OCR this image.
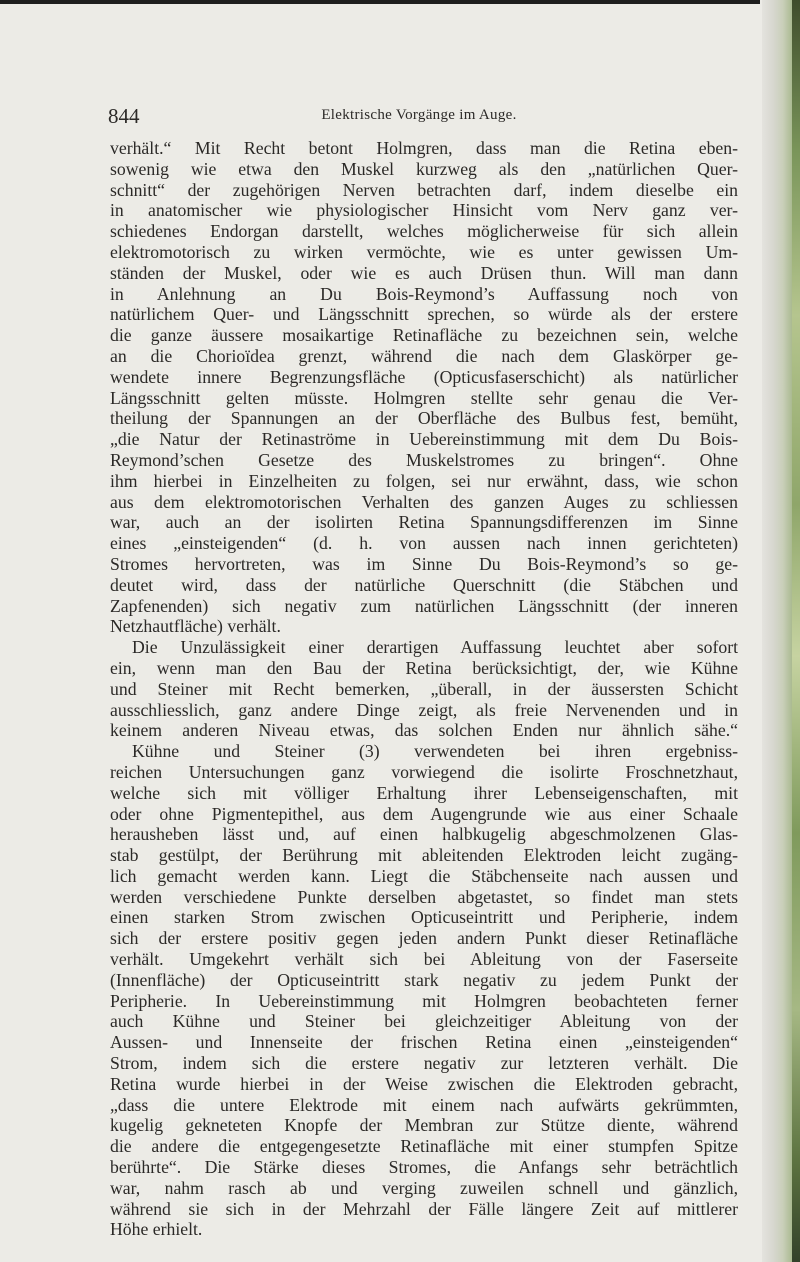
844	Elektrische Vorgänge im Auge.
verhält.“ Mit Recht betont Holmgren, dass man die Retina eben-
sowenig wie etwa den Muskel kurzweg als den „natürlichen Quer-
schnitt“ der zugehörigen Nerven betrachten darf, indem dieselbe ein
in anatomischer wie physiologischer Hinsicht vom Nerv ganz ver-
schiedenes Endorgan darstellt, welches möglicherweise für sich allein
elektromotorisch zu wirken vermöchte, wie es unter gewissen Um-
ständen der Muskel, oder wie es auch Drüsen thun. Will man dann
in Anlehnung an Du Bois-Reymond’s Auffassung noch von
natürlichem Quer- und Längsschnitt sprechen, so würde als der erstere
die ganze äussere mosaikartige Retinafläche zu bezeichnen sein, welche
an die Chorioïdea grenzt, während die nach dem Glaskörper ge-
wendete innere Begrenzungsfläche (Opticusfaserschicht) als natürlicher
Längsschnitt gelten müsste. Holmgren stellte sehr genau die Ver-
theilung der Spannungen an der Oberfläche des Bulbus fest, bemüht,
„die Natur der Retinaströme in Uebereinstimmung mit dem Du Bois-
Reymond’schen Gesetze des Muskelstromes zu bringen“. Ohne
ihm hierbei in Einzelheiten zu folgen, sei nur erwähnt, dass, wie schon
aus dem elektromotorischen Verhalten des ganzen Auges zu schliessen
war, auch an der isolirten Retina Spannungsdifferenzen im Sinne
eines „einsteigenden“ (d. h. von aussen nach innen gerichteten)
Stromes hervortreten, was im Sinne Du Bois-Reymond’s so ge-
deutet wird, dass der natürliche Querschnitt (die Stäbchen und
Zapfenenden) sich negativ zum natürlichen Längsschnitt (der inneren
Netzhautfläche) verhält.
Die Unzulässigkeit einer derartigen Auffassung leuchtet aber sofort
ein, wenn man den Bau der Retina berücksichtigt, der, wie Kühne
und Steiner mit Recht bemerken, „überall, in der äussersten Schicht
ausschliesslich, ganz andere Dinge zeigt, als freie Nervenenden und in
keinem anderen Niveau etwas, das solchen Enden nur ähnlich sähe.“
Kühne und Steiner (3) verwendeten bei ihren ergebniss-
reichen Untersuchungen ganz vorwiegend die isolirte Froschnetzhaut,
welche sich mit völliger Erhaltung ihrer Lebenseigenschaften, mit
oder ohne Pigmentepithel, aus dem Augengrunde wie aus einer Schaale
herausheben lässt und, auf einen halbkugelig abgeschmolzenen Glas-
stab gestülpt, der Berührung mit ableitenden Elektroden leicht zugäng-
lich gemacht werden kann. Liegt die Stäbchenseite nach aussen und
werden verschiedene Punkte derselben abgetastet, so findet man stets
einen starken Strom zwischen Opticuseintritt und Peripherie, indem
sich der erstere positiv gegen jeden andern Punkt dieser Retinafläche
verhält. Umgekehrt verhält sich bei Ableitung von der Faserseite
(Innenfläche) der Opticuseintritt stark negativ zu jedem Punkt der
Peripherie. In Uebereinstimmung mit Holmgren beobachteten ferner
auch Kühne und Steiner bei gleichzeitiger Ableitung von der
Aussen- und Innenseite der frischen Retina einen „einsteigenden“
Strom, indem sich die erstere negativ zur letzteren verhält. Die
Retina wurde hierbei in der Weise zwischen die Elektroden gebracht,
„dass die untere Elektrode mit einem nach aufwärts gekrümmten,
kugelig gekneteten Knopfe der Membran zur Stütze diente, während
die andere die entgegengesetzte Retinafläche mit einer stumpfen Spitze
berührte“. Die Stärke dieses Stromes, die Anfangs sehr beträchtlich
war, nahm rasch ab und verging zuweilen schnell und gänzlich,
während sie sich in der Mehrzahl der Fälle längere Zeit auf mittlerer
Höhe erhielt.
